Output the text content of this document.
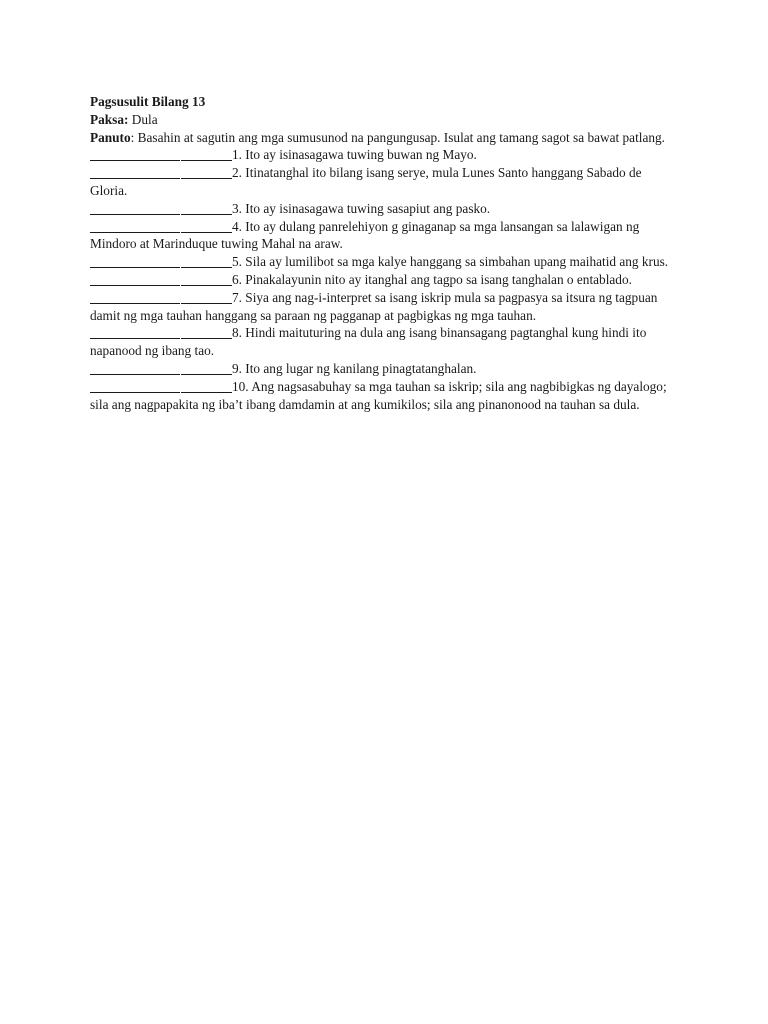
Pagsusulit Bilang 13

Paksa: Dula

Panuto: Basahin at sagutin ang mga sumusunod na pangungusap. Isulat ang tamang sagot sa bawat patlang.

1. Ito ay isinasagawa tuwing buwan ng Mayo.

2. Itinatanghal ito bilang isang serye, mula Lunes Santo hanggang Sabado de Gloria.

3. Ito ay isinasagawa tuwing sasapiut ang pasko.

4. Ito ay dulang panrelehiyon g ginaganap sa mga lansangan sa lalawigan ng Mindoro at Marinduque tuwing Mahal na araw.

5. Sila ay lumilibot sa mga kalye hanggang sa simbahan upang maihatid ang krus.

6. Pinakalayunin nito ay itanghal ang tagpo sa isang tanghalan o entablado.

7. Siya ang nag-i-interpret sa isang iskrip mula sa pagpasya sa itsura ng tagpuan damit ng mga tauhan hanggang sa paraan ng pagganap at pagbigkas ng mga tauhan.

8. Hindi maituturing na dula ang isang binansagang pagtanghal kung hindi ito napanood ng ibang tao.

9. Ito ang lugar ng kanilang pinagtatanghalan.

10. Ang nagsasabuhay sa mga tauhan sa iskrip; sila ang nagbibigkas ng dayalogo; sila ang nagpapakita ng iba’t ibang damdamin at ang kumikilos; sila ang pinanonood na tauhan sa dula.
